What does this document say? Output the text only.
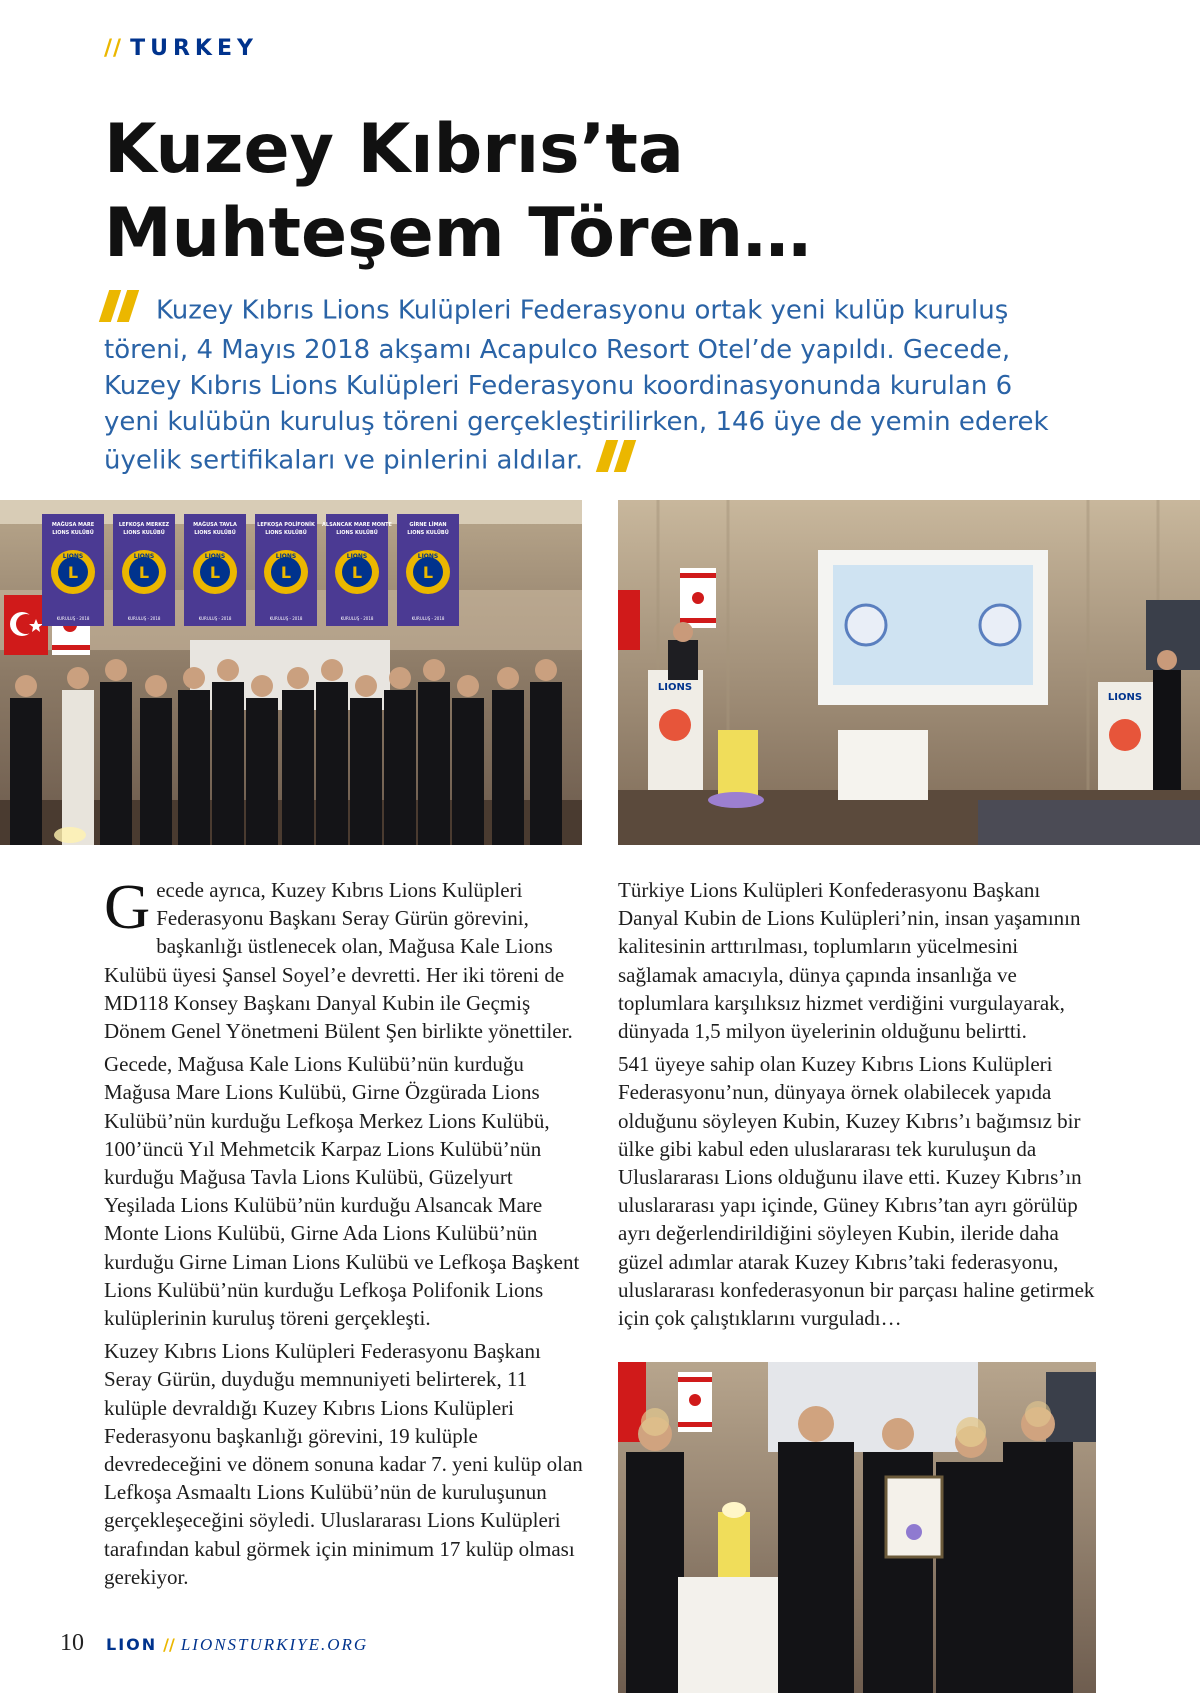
// TURKEY
Kuzey Kıbrıs’ta
Muhteşem Tören…

Kuzey Kıbrıs Lions Kulüpleri Federasyonu ortak yeni kulüp kuruluş töreni, 4 Mayıs 2018 akşamı Acapulco Resort Otel’de yapıldı. Gecede, Kuzey Kıbrıs Lions Kulüpleri Federasyonu koordinasyonunda kurulan 6 yeni kulübün kuruluş töreni gerçekleştirilirken, 146 üye de yemin ederek üyelik sertifikaları ve pinlerini aldılar.

MAĞUSA MARE
LIONS KULÜBÜ
LIONS
L
KURULUŞ - 2018
LEFKOŞA MERKEZ
LIONS KULÜBÜ
LIONS
L
KURULUŞ - 2018
MAĞUSA TAVLA
LIONS KULÜBÜ
LIONS
L
KURULUŞ - 2018
LEFKOŞA POLİFONİK
LIONS KULÜBÜ
LIONS
L
KURULUŞ - 2018
ALSANCAK MARE MONTE
LIONS KULÜBÜ
LIONS
L
KURULUŞ - 2018
GİRNE LİMAN
LIONS KULÜBÜ
LIONS
L
KURULUŞ - 2018
LIONS
LIONS

Gecede ayrıca, Kuzey Kıbrıs Lions Kulüpleri Federasyonu Başkanı Seray Gürün görevini, başkanlığı üstlenecek olan, Mağusa Kale Lions Kulübü üyesi Şansel Soyel’e devretti. Her iki töreni de MD118 Konsey Başkanı Danyal Kubin ile Geçmiş Dönem Genel Yönetmeni Bülent Şen birlikte yönettiler.

Gecede, Mağusa Kale Lions Kulübü’nün kurduğu Mağusa Mare Lions Kulübü, Girne Özgürada Lions Kulübü’nün kurduğu Lefkoşa Merkez Lions Kulübü, 100’üncü Yıl Mehmetcik Karpaz Lions Kulübü’nün kurduğu Mağusa Tavla Lions Kulübü, Güzelyurt Yeşilada Lions Kulübü’nün kurduğu Alsancak Mare Monte Lions Kulübü, Girne Ada Lions Kulübü’nün kurduğu Girne Liman Lions Kulübü ve Lefkoşa Başkent Lions Kulübü’nün kurduğu Lefkoşa Polifonik Lions kulüplerinin kuruluş töreni gerçekleşti.

Kuzey Kıbrıs Lions Kulüpleri Federasyonu Başkanı Seray Gürün, duyduğu memnuniyeti belirterek, 11 kulüple devraldığı Kuzey Kıbrıs Lions Kulüpleri Federasyonu başkanlığı görevini, 19 kulüple devredeceğini ve dönem sonuna kadar 7. yeni kulüp olan Lefkoşa Asmaaltı Lions Kulübü’nün de kuruluşunun gerçekleşeceğini söyledi. Uluslararası Lions Kulüpleri tarafından kabul görmek için minimum 17 kulüp olması gerekiyor.

Türkiye Lions Kulüpleri Konfederasyonu Başkanı Danyal Kubin de Lions Kulüpleri’nin, insan yaşamının kalitesinin arttırılması, toplumların yücelmesini sağlamak amacıyla, dünya çapında insanlığa ve toplumlara karşılıksız hizmet verdiğini vurgulayarak, dünyada 1,5 milyon üyelerinin olduğunu belirtti.

541 üyeye sahip olan Kuzey Kıbrıs Lions Kulüpleri Federasyonu’nun, dünyaya örnek olabilecek yapıda olduğunu söyleyen Kubin, Kuzey Kıbrıs’ı bağımsız bir ülke gibi kabul eden uluslararası tek kuruluşun da Uluslararası Lions olduğunu ilave etti. Kuzey Kıbrıs’ın uluslararası yapı içinde, Güney Kıbrıs’tan ayrı görülüp ayrı değerlendirildiğini söyleyen Kubin, ileride daha güzel adımlar atarak Kuzey Kıbrıs’taki federasyonu, uluslararası konfederasyonun bir parçası haline getirmek için çok çalıştıklarını vurguladı…

10 LION // LIONSTURKIYE.ORG
